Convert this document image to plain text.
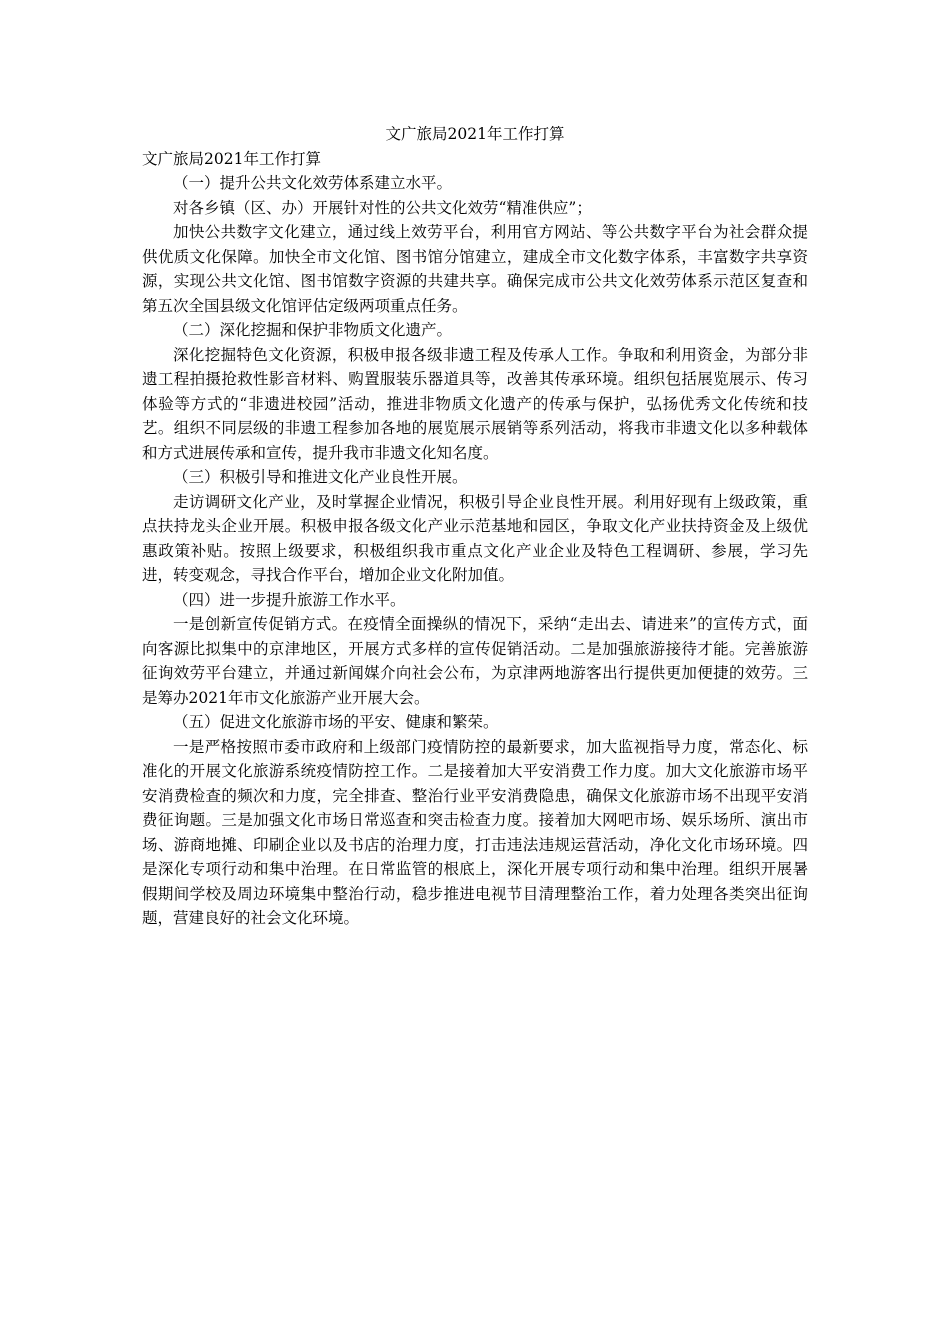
文广旅局2021年工作打算

文广旅局2021年工作打算

（一）提升公共文化效劳体系建立水平。

对各乡镇（区、办）开展针对性的公共文化效劳“精准供应”；

加快公共数字文化建立，通过线上效劳平台，利用官方网站、等公共数字平台为社会群众提供优质文化保障。加快全市文化馆、图书馆分馆建立，建成全市文化数字体系，丰富数字共享资源，实现公共文化馆、图书馆数字资源的共建共享。确保完成市公共文化效劳体系示范区复查和第五次全国县级文化馆评估定级两项重点任务。

（二）深化挖掘和保护非物质文化遗产。

深化挖掘特色文化资源，积极申报各级非遗工程及传承人工作。争取和利用资金，为部分非遗工程拍摄抢救性影音材料、购置服装乐器道具等，改善其传承环境。组织包括展览展示、传习体验等方式的“非遗进校园”活动，推进非物质文化遗产的传承与保护，弘扬优秀文化传统和技艺。组织不同层级的非遗工程参加各地的展览展示展销等系列活动，将我市非遗文化以多种载体和方式进展传承和宣传，提升我市非遗文化知名度。

（三）积极引导和推进文化产业良性开展。

走访调研文化产业，及时掌握企业情况，积极引导企业良性开展。利用好现有上级政策，重点扶持龙头企业开展。积极申报各级文化产业示范基地和园区，争取文化产业扶持资金及上级优惠政策补贴。按照上级要求，积极组织我市重点文化产业企业及特色工程调研、参展，学习先进，转变观念，寻找合作平台，增加企业文化附加值。

（四）进一步提升旅游工作水平。

一是创新宣传促销方式。在疫情全面操纵的情况下，采纳“走出去、请进来”的宣传方式，面向客源比拟集中的京津地区，开展方式多样的宣传促销活动。二是加强旅游接待才能。完善旅游征询效劳平台建立，并通过新闻媒介向社会公布，为京津两地游客出行提供更加便捷的效劳。三是筹办2021年市文化旅游产业开展大会。

（五）促进文化旅游市场的平安、健康和繁荣。

一是严格按照市委市政府和上级部门疫情防控的最新要求，加大监视指导力度，常态化、标准化的开展文化旅游系统疫情防控工作。二是接着加大平安消费工作力度。加大文化旅游市场平安消费检查的频次和力度，完全排查、整治行业平安消费隐患，确保文化旅游市场不出现平安消费征询题。三是加强文化市场日常巡查和突击检查力度。接着加大网吧市场、娱乐场所、演出市场、游商地摊、印刷企业以及书店的治理力度，打击违法违规运营活动，净化文化市场环境。四是深化专项行动和集中治理。在日常监管的根底上，深化开展专项行动和集中治理。组织开展暑假期间学校及周边环境集中整治行动，稳步推进电视节目清理整治工作，着力处理各类突出征询题，营建良好的社会文化环境。
